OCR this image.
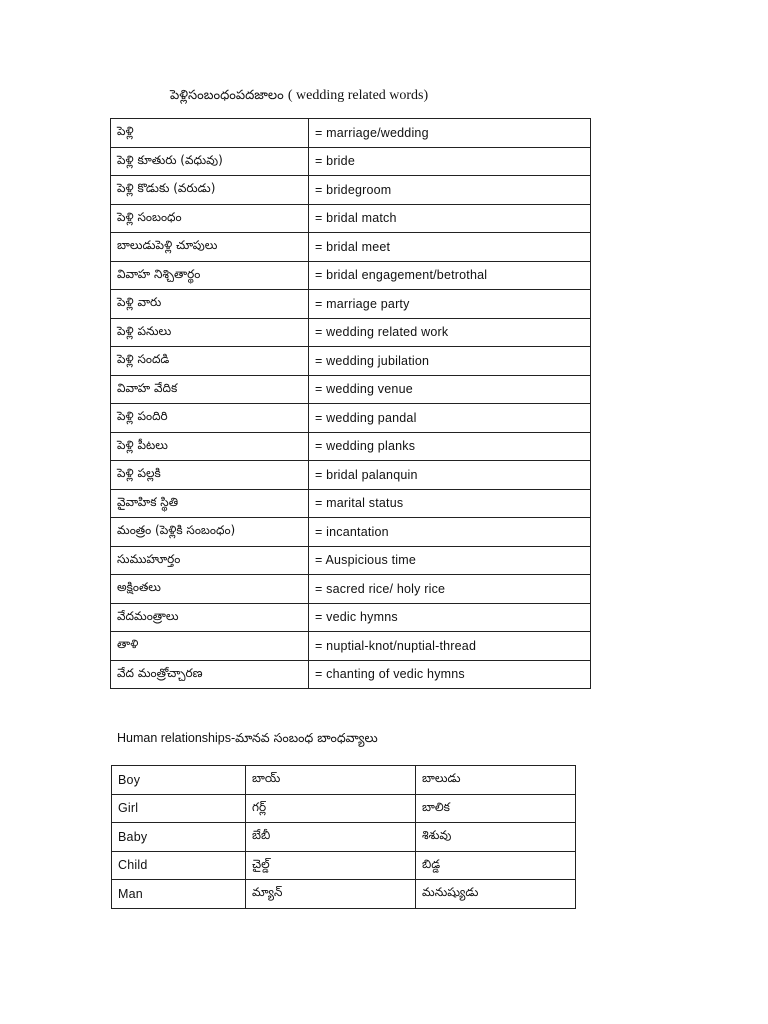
పెళ్లిసంబంధంపదజాలం ( wedding related words)
పెళ్లి	= marriage/wedding
పెళ్లి కూతురు (వధువు)	= bride
పెళ్లి కొడుకు (వరుడు)	= bridegroom
పెళ్లి సంబంధం	= bridal match
బాలుడుపెళ్లి చూపులు	= bridal meet
వివాహ నిశ్చితార్థం	= bridal engagement/betrothal
పెళ్లి వారు	= marriage party
పెళ్లి పనులు	= wedding related work
పెళ్లి సందడి	= wedding jubilation
వివాహ వేదిక	= wedding venue
పెళ్లి పందిరి	= wedding pandal
పెళ్లి పీటలు	= wedding planks
పెళ్లి పల్లకి	= bridal palanquin
వైవాహిక స్థితి	= marital status
మంత్రం (పెళ్లికి సంబంధం)	= incantation
సుముహూర్తం	= Auspicious time
అక్షింతలు	= sacred rice/ holy rice
వేదమంత్రాలు	= vedic hymns
తాళి	= nuptial-knot/nuptial-thread
వేద మంత్రోచ్చారణ	= chanting of vedic hymns
Human relationships-మానవ సంబంధ బాంధవ్యాలు
Boy	బాయ్	బాలుడు
Girl	గర్ల్	బాలిక
Baby	బేబీ	శిశువు
Child	చైల్డ్	బిడ్డ
Man	మ్యాన్	మనుష్యుడు
